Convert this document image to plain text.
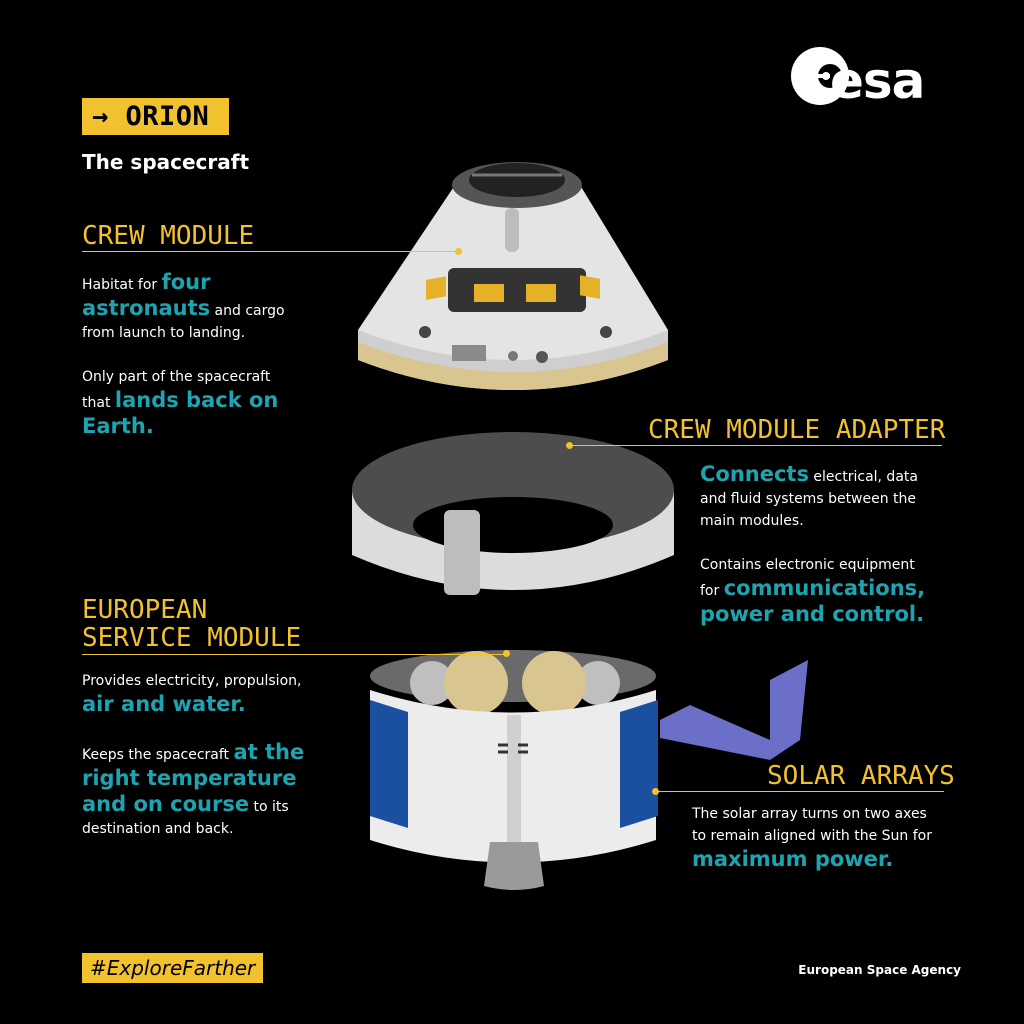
→ ORION
The spacecraft
esa
CREW MODULE
Habitat for four
astronauts and cargo
from launch to landing.

Only part of the spacecraft
that lands back on
Earth.	CREW MODULE ADAPTER
Connects electrical, data
and fluid systems between the
main modules.

Contains electronic equipment
for communications,
power and control.
EUROPEAN
SERVICE MODULE
Provides electricity, propulsion,
air and water.

Keeps the spacecraft at the
right temperature
and on course to its
destination and back.
SOLAR ARRAYS
The solar array turns on two axes
to remain aligned with the Sun for
maximum power.
#ExploreFarther	European Space Agency
